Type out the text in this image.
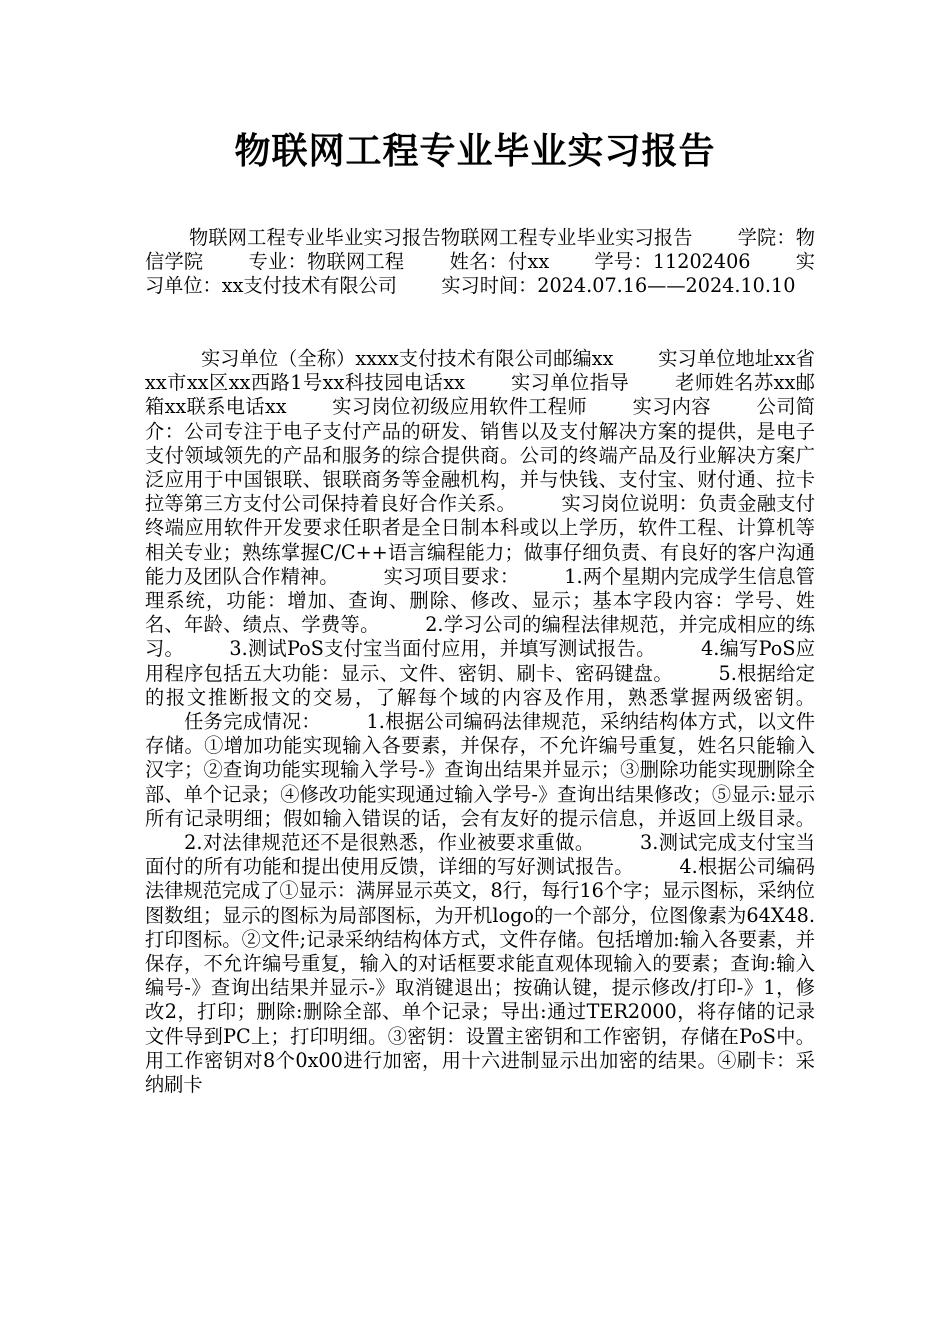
物联网工程专业毕业实习报告

物联网工程专业毕业实习报告物联网工程专业毕业实习报告 　　学院：物信学院 　　专业：物联网工程 　　姓名：付xx 　　学号：11202406 　　实习单位：xx支付技术有限公司 　　实习时间：2024.07.16——2024.10.10

实习单位（全称）xxxx支付技术有限公司邮编xx 　　实习单位地址xx省xx市xx区xx西路1号xx科技园电话xx 　　实习单位指导 　　老师姓名苏xx邮箱xx联系电话xx 　　实习岗位初级应用软件工程师 　　实习内容 　　公司简介：公司专注于电子支付产品的研发、销售以及支付解决方案的提供，是电子支付领域领先的产品和服务的综合提供商。公司的终端产品及行业解决方案广泛应用于中国银联、银联商务等金融机构，并与快钱、支付宝、财付通、拉卡拉等第三方支付公司保持着良好合作关系。 　　实习岗位说明：负责金融支付终端应用软件开发要求任职者是全日制本科或以上学历，软件工程、计算机等相关专业；熟练掌握C/C++语言编程能力；做事仔细负责、有良好的客户沟通能力及团队合作精神。 　　实习项目要求： 　　1.两个星期内完成学生信息管理系统，功能：增加、查询、删除、修改、显示；基本字段内容：学号、姓名、年龄、绩点、学费等。 　　2.学习公司的编程法律规范，并完成相应的练习。 　　3.测试PoS支付宝当面付应用，并填写测试报告。 　　4.编写PoS应用程序包括五大功能：显示、文件、密钥、刷卡、密码键盘。 　　5.根据给定的报文推断报文的交易，了解每个域的内容及作用，熟悉掌握两级密钥。 　　任务完成情况： 　　1.根据公司编码法律规范，采纳结构体方式，以文件存储。①增加功能实现输入各要素，并保存，不允许编号重复，姓名只能输入汉字；②查询功能实现输入学号-》查询出结果并显示；③删除功能实现删除全部、单个记录；④修改功能实现通过输入学号-》查询出结果修改；⑤显示:显示所有记录明细；假如输入错误的话，会有友好的提示信息，并返回上级目录。 　　2.对法律规范还不是很熟悉，作业被要求重做。 　　3.测试完成支付宝当面付的所有功能和提出使用反馈，详细的写好测试报告。 　　4.根据公司编码法律规范完成了①显示：满屏显示英文，8行，每行16个字；显示图标，采纳位图数组；显示的图标为局部图标，为开机logo的一个部分，位图像素为64X48.打印图标。②文件;记录采纳结构体方式，文件存储。包括增加:输入各要素，并保存，不允许编号重复，输入的对话框要求能直观体现输入的要素；查询:输入编号-》查询出结果并显示-》取消键退出；按确认键，提示修改/打印-》1，修改2，打印；删除:删除全部、单个记录；导出:通过TER2000，将存储的记录文件导到PC上；打印明细。③密钥：设置主密钥和工作密钥，存储在PoS中。用工作密钥对8个0x00进行加密，用十六进制显示出加密的结果。④刷卡：采纳刷卡
